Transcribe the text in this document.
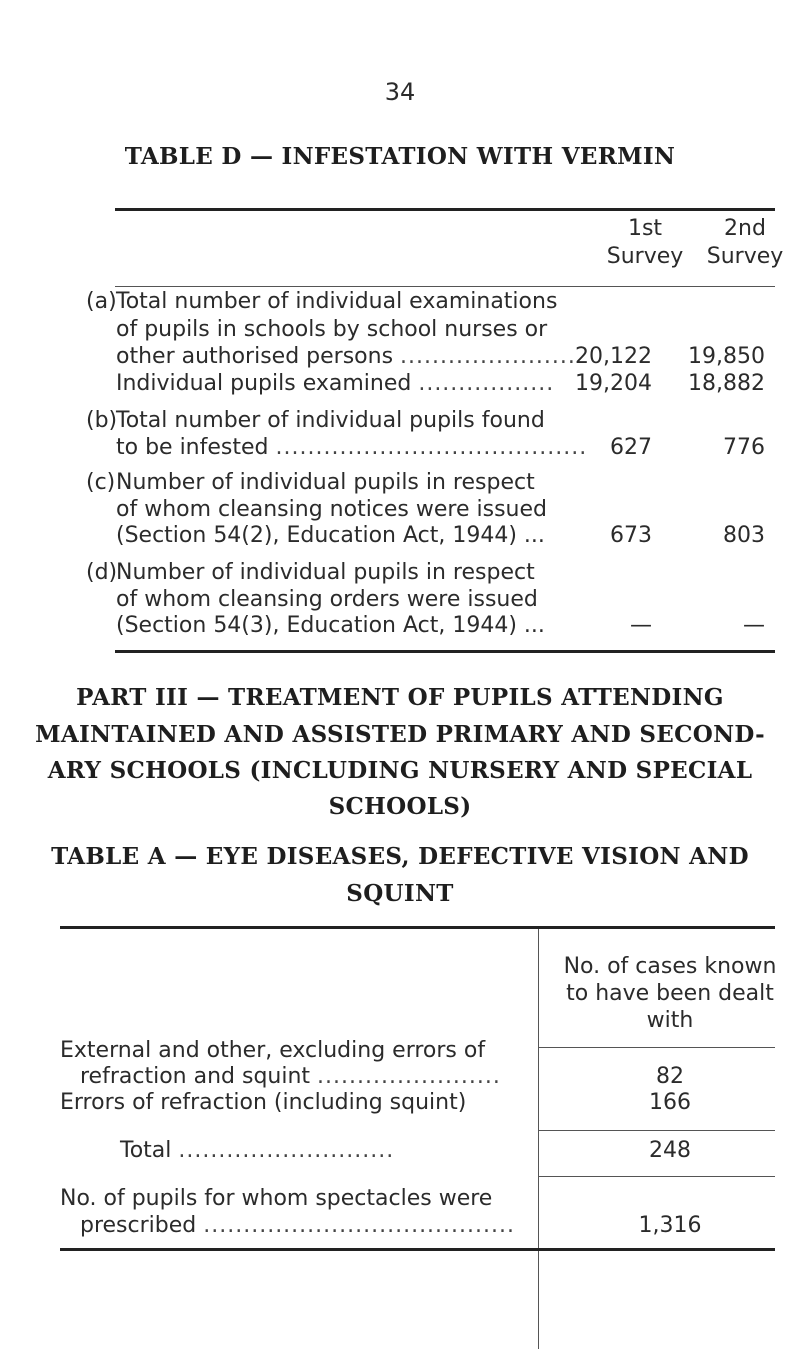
34
TABLE D — INFESTATION WITH VERMIN
1st
Survey
2nd
Survey
(a) Total number of individual examinations
of pupils in schools by school nurses or
other authorised persons ...................... 20,122	19,850
Individual pupils examined ................. 19,204	18,882
(b)
Total number of individual pupils found
to be infested .......................................	627	776
(c) Number of individual pupils in respect
of whom cleansing notices were issued
(Section 54(2), Education Act, 1944) ...	673	803
(d)
Number of individual pupils in respect
of whom cleansing orders were issued
(Section 54(3), Education Act, 1944) ...	—	—
PART III — TREATMENT OF PUPILS ATTENDING
MAINTAINED AND ASSISTED PRIMARY AND SECOND-
ARY SCHOOLS (INCLUDING NURSERY AND SPECIAL
SCHOOLS)
TABLE A — EYE DISEASES, DEFECTIVE VISION AND
SQUINT
No. of cases known
to have been dealt
with
External and other, excluding errors of
refraction and squint .......................	82
Errors of refraction (including squint)	166
Total ...........................	248
No. of pupils for whom spectacles were
prescribed .......................................	1,316
